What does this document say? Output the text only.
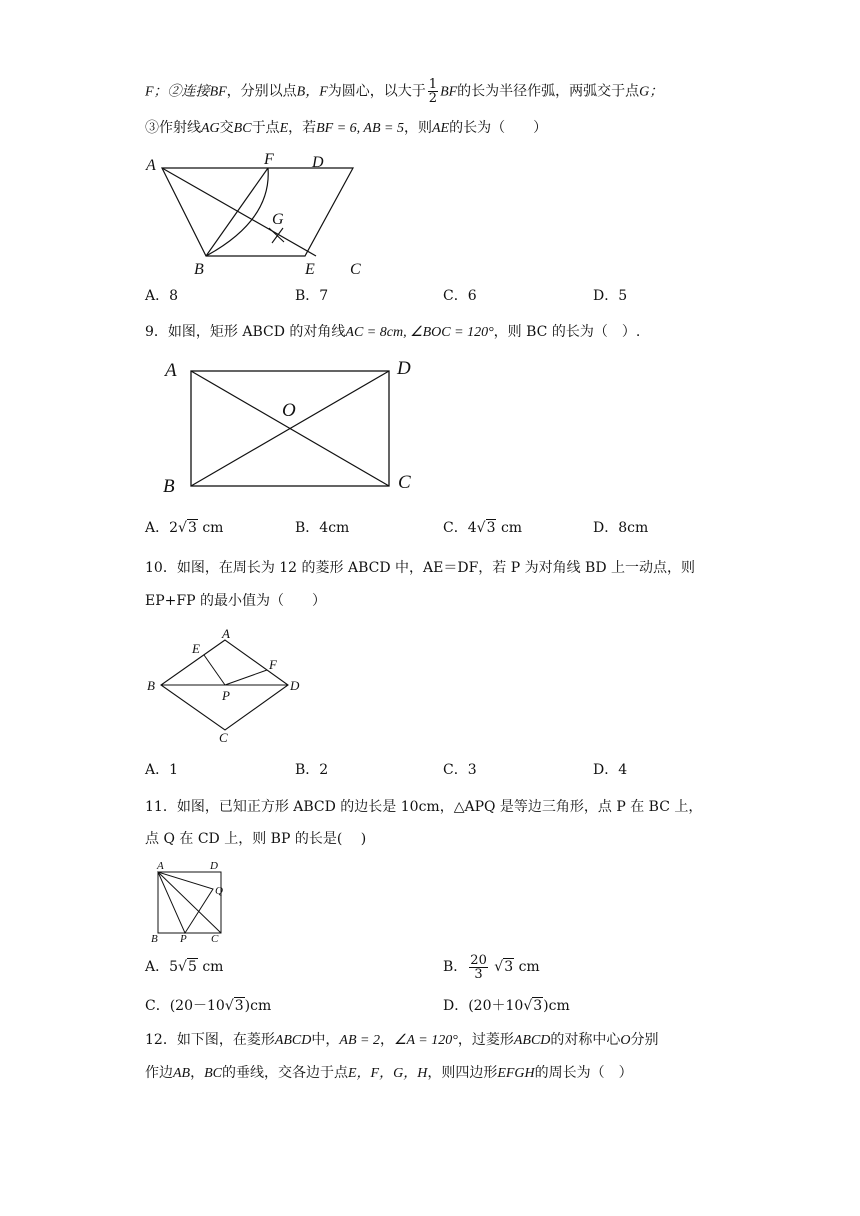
F；②连接BF，分别以点B，F为圆心，以大于 $\frac{1}{2}$ BF的长为半径作弧，两弧交于点G；
③作射线AG交BC于点E，若BF = 6, AB = 5，则AE的长为（　　）
A	F D
G
B	E C
A．8	B．7	C．6	D．5
9．如图，矩形 ABCD 的对角线AC = 8cm, ∠BOC = 120°，则 BC 的长为（　）.
A	D
O
B	C
A．2√3 cm	B．4cm	C．4√3 cm	D．8cm
10．如图，在周长为 12 的菱形 ABCD 中，AE＝DF，若 P 为对角线 BD 上一动点，则
EP+FP 的最小值为（　　）
A
E
F
B
P
D
C
A．1	B．2	C．3	D．4
11．如图，已知正方形 ABCD 的边长是 10cm，△APQ 是等边三角形，点 P 在 BC 上，
点 Q 在 CD 上，则 BP 的长是(　 )
A	D
Q
B P C
A．5√5 cm	B． $\frac{20}{3} √3$ cm
C．(20－10√3)cm	D．(20＋10√3)cm
12．如下图，在菱形ABCD中，AB = 2，∠A = 120°，过菱形ABCD的对称中心O分别
作边AB，BC的垂线，交各边于点E，F，G，H，则四边形EFGH的周长为（　）
